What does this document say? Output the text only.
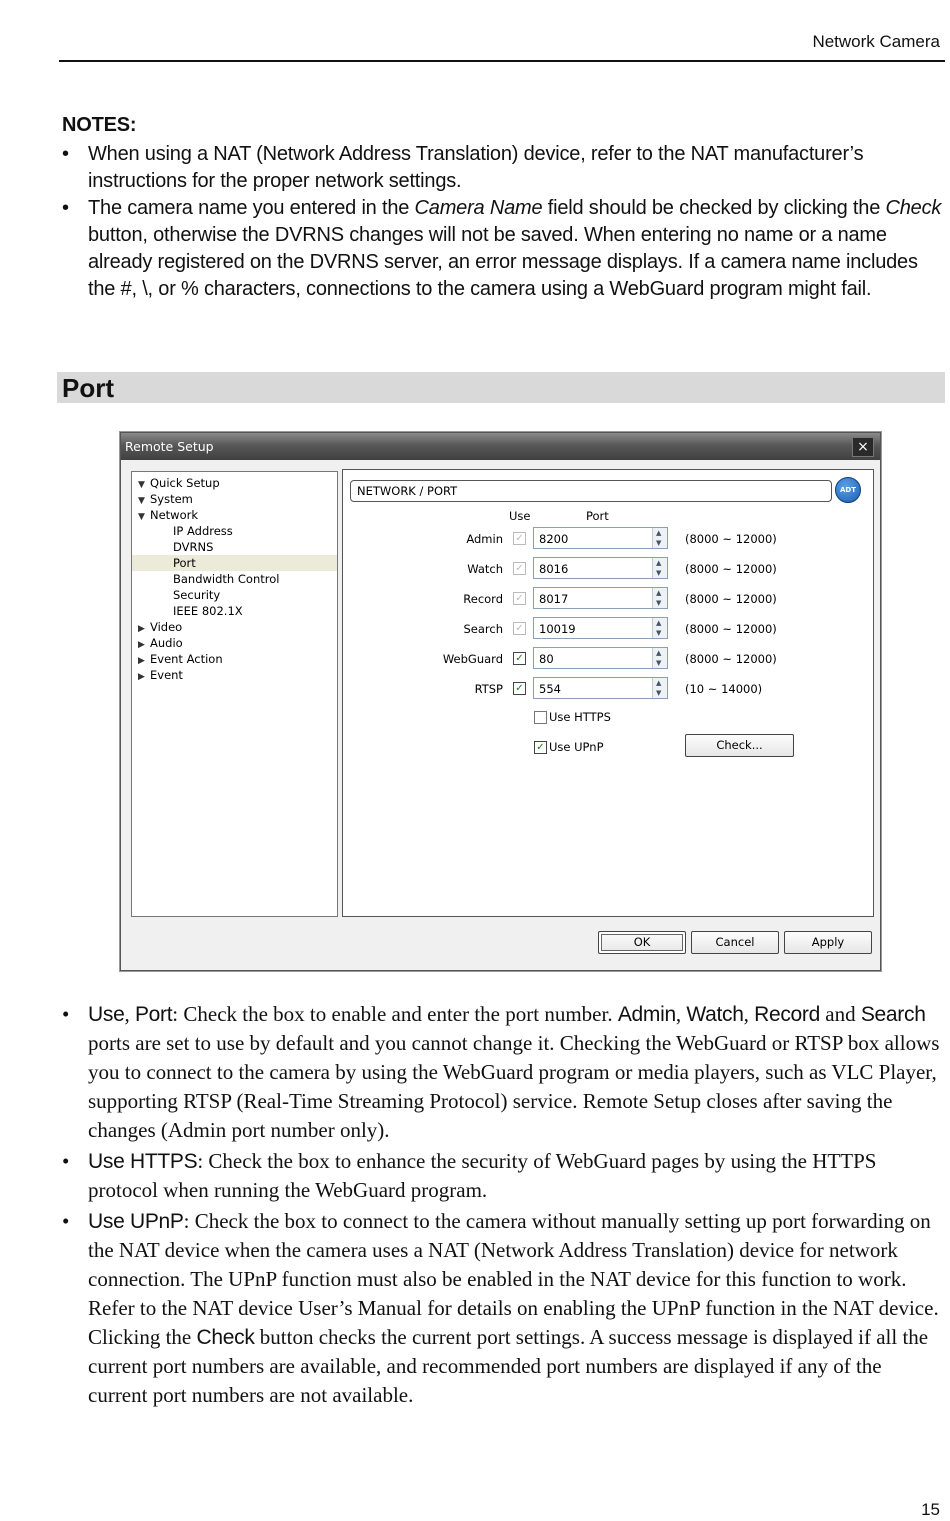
Network Camera
NOTES:
• When using a NAT (Network Address Translation) device, refer to the NAT manufacturer’s instructions for the proper network settings.
• The camera name you entered in the Camera Name field should be checked by clicking the Check button, otherwise the DVRNS changes will not be saved. When entering no name or a name already registered on the DVRNS server, an error message displays. If a camera name includes the #, \, or % characters, connections to the camera using a WebGuard program might fail.
Port
Remote Setup	×
▼ Quick Setup
▼ System
▼ Network
IP Address
DVRNS
Port
Bandwidth Control
Security
IEEE 802.1X
▶ Video
▶ Audio
▶ Event Action
▶ Event
NETWORK / PORT	ADT
Use	Port
Admin ✓	8200 ▲ ▼	(8000 ~ 12000)
Watch ✓	8016 ▲ ▼	(8000 ~ 12000)
Record ✓	8017 ▲ ▼	(8000 ~ 12000)
Search ✓	10019 ▲ ▼	(8000 ~ 12000)
WebGuard ✓	80 ▲ ▼	(8000 ~ 12000)
RTSP ✓	554 ▲ ▼	(10 ~ 14000)
Use HTTPS
✓ Use UPnP	Check...
OK	Cancel	Apply
• Use, Port: Check the box to enable and enter the port number. Admin, Watch, Record and Search ports are set to use by default and you cannot change it. Checking the WebGuard or RTSP box allows you to connect to the camera by using the WebGuard program or media players, such as VLC Player, supporting RTSP (Real-Time Streaming Protocol) service. Remote Setup closes after saving the changes (Admin port number only).
• Use HTTPS: Check the box to enhance the security of WebGuard pages by using the HTTPS protocol when running the WebGuard program.
• Use UPnP: Check the box to connect to the camera without manually setting up port forwarding on the NAT device when the camera uses a NAT (Network Address Translation) device for network connection. The UPnP function must also be enabled in the NAT device for this function to work. Refer to the NAT device User’s Manual for details on enabling the UPnP function in the NAT device. Clicking the Check button checks the current port settings. A success message is displayed if all the current port numbers are available, and recommended port numbers are displayed if any of the current port numbers are not available.
15
